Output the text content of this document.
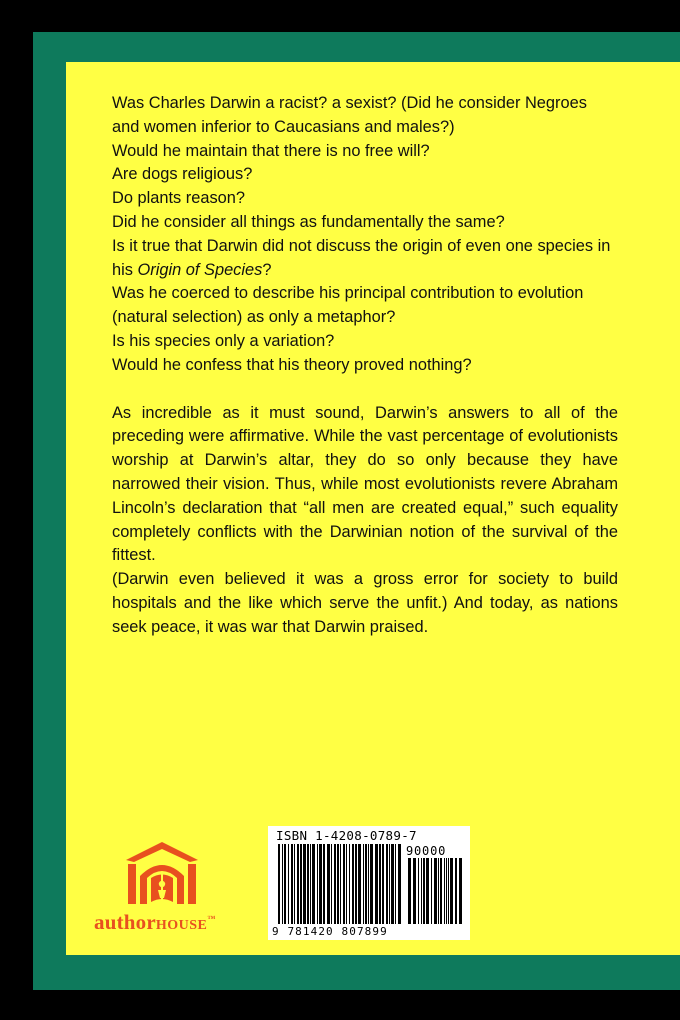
Was Charles Darwin a racist? a sexist? (Did he consider Negroes and women inferior to Caucasians and males?)

Would he maintain that there is no free will?

Are dogs religious?

Do plants reason?

Did he consider all things as fundamentally the same?

Is it true that Darwin did not discuss the origin of even one species in his Origin of Species?

Was he coerced to describe his principal contribution to evolution (natural selection) as only a metaphor?

Is his species only a variation?

Would he confess that his theory proved nothing?

As incredible as it must sound, Darwin’s answers to all of the preceding were affirmative. While the vast percentage of evolutionists worship at Darwin’s altar, they do so only because they have narrowed their vision. Thus, while most evolutionists revere Abraham Lincoln’s declaration that “all men are created equal,” such equality completely conflicts with the Darwinian notion of the survival of the fittest.

(Darwin even believed it was a gross error for society to build hospitals and the like which serve the unfit.) And today, as nations seek peace, it was war that Darwin praised.

authorHOUSE™
ISBN 1-4208-0789-7
90000
9 781420 807899
